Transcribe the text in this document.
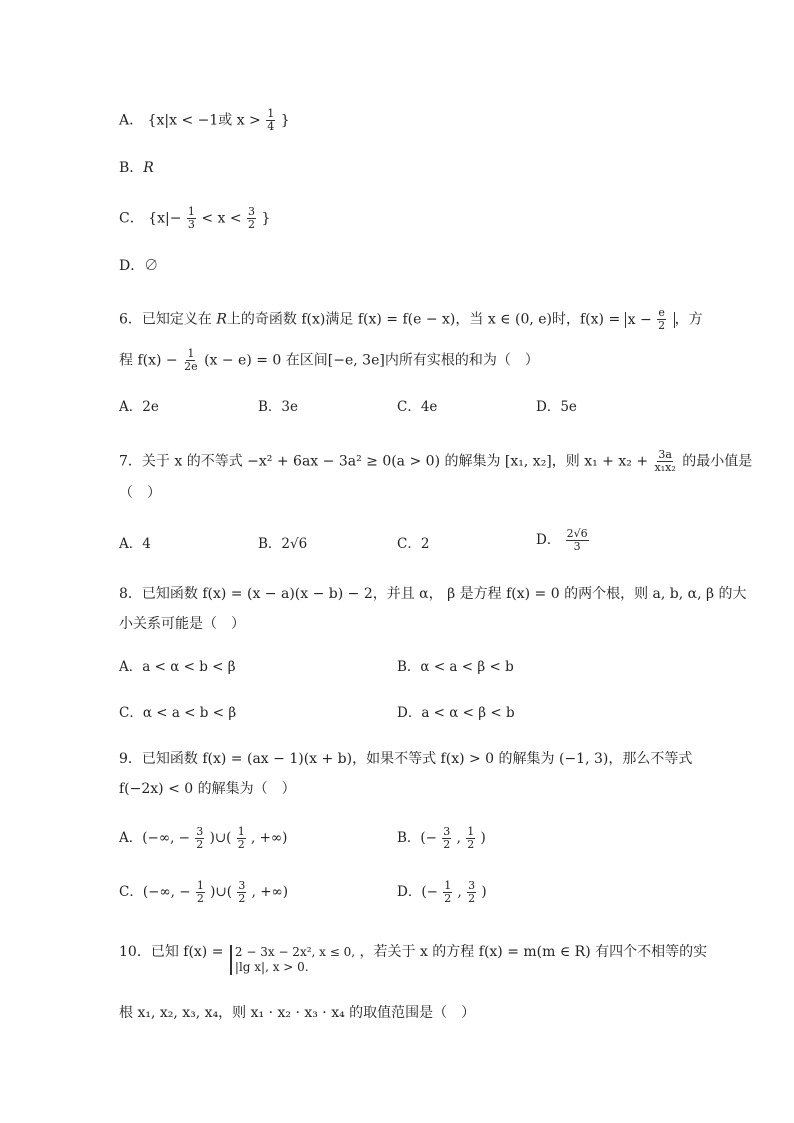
A． {x|x < −1或 $x > \frac{1}{4}$ }
B．R
C． {$x|- \frac{1}{3} < x < \frac{3}{2}$ }
D．∅
6．已知定义在 R上的奇函数 f(x)满足 f(x) = f(e − x)，当 x ∈ (0, e)时，$f(x) = x - \frac{e}{2}$ ，方
程 $f(x) - \frac{1}{2e} (x - e) = 0$ 在区间[−e, 3e]内所有实根的和为（　）
A．2e	B．3e	C．4e	D．5e
7．关于 x 的不等式 −x² + 6ax − 3a² ≥ 0(a > 0) 的解集为 [x₁, x₂]，则 $x_1 + x_2 + \frac{3a}{\text{x₁x₂}}$ 的最小值是
（　）
A．4	B．2√6	C．2	D． $\frac{2√6}{3}$
8．已知函数 f(x) = (x − a)(x − b) − 2，并且 α， β 是方程 f(x) = 0 的两个根，则 a, b, α, β 的大
小关系可能是（　）
A．a < α < b < β	B．α < a < β < b
C．α < a < b < β	D．a < α < β < b
9．已知函数 f(x) = (ax − 1)(x + b)，如果不等式 f(x) > 0 的解集为 (−1, 3)，那么不等式
f(−2x) < 0 的解集为（　）
A．(−∞, − $\frac{3}{2}$ )∪( $\frac{1}{2}$ , +∞)	B．(− $\frac{3}{2}$ , $\frac{1}{2}$ )
C．(−∞, − $\frac{1}{2}$ )∪( $\frac{3}{2}$ , +∞)	D．(− $\frac{1}{2}$ , $\frac{3}{2}$ )
10．已知 f(x) = 2 − 3x − 2x², x ≤ 0,
|lg x|, x > 0.
，若关于 x 的方程 f(x) = m(m ∈ R) 有四个不相等的实
根 x₁, x₂, x₃, x₄，则 x₁ · x₂ · x₃ · x₄ 的取值范围是（　）
